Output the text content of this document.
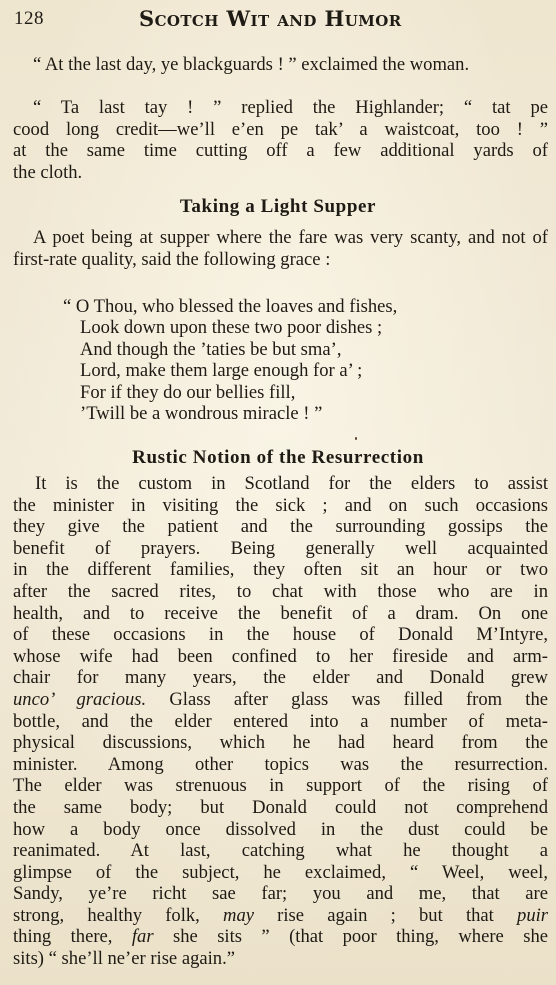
128	Scotch Wit and Humor
“ At the last day, ye blackguards ! ” exclaimed the woman.
“ Ta last tay ! ” replied the Highlander; “ tat pe
cood long credit—we’ll e’en pe tak’ a waistcoat, too ! ”
at the same time cutting off a few additional yards of
the cloth.
Taking a Light Supper
A poet being at supper where the fare was very scanty, and not of first-rate quality, said the following grace :
“ O Thou, who blessed the loaves and fishes,
Look down upon these two poor dishes ;
And though the ’taties be but sma’,
Lord, make them large enough for a’ ;
For if they do our bellies fill,
’Twill be a wondrous miracle ! ”
Rustic Notion of the Resurrection
It is the custom in Scotland for the elders to assist
the minister in visiting the sick ; and on such occasions
they give the patient and the surrounding gossips the
benefit of prayers. Being generally well acquainted
in the different families, they often sit an hour or two
after the sacred rites, to chat with those who are in
health, and to receive the benefit of a dram. On one
of these occasions in the house of Donald M’Intyre,
whose wife had been confined to her fireside and arm-
chair for many years, the elder and Donald grew
unco’ gracious. Glass after glass was filled from the
bottle, and the elder entered into a number of meta-
physical discussions, which he had heard from the
minister. Among other topics was the resurrection.
The elder was strenuous in support of the rising of
the same body; but Donald could not comprehend
how a body once dissolved in the dust could be
reanimated. At last, catching what he thought a
glimpse of the subject, he exclaimed, “ Weel, weel,
Sandy, ye’re richt sae far; you and me, that are
strong, healthy folk, may rise again ; but that puir
thing there, far she sits ” (that poor thing, where she
sits) “ she’ll ne’er rise again.”
